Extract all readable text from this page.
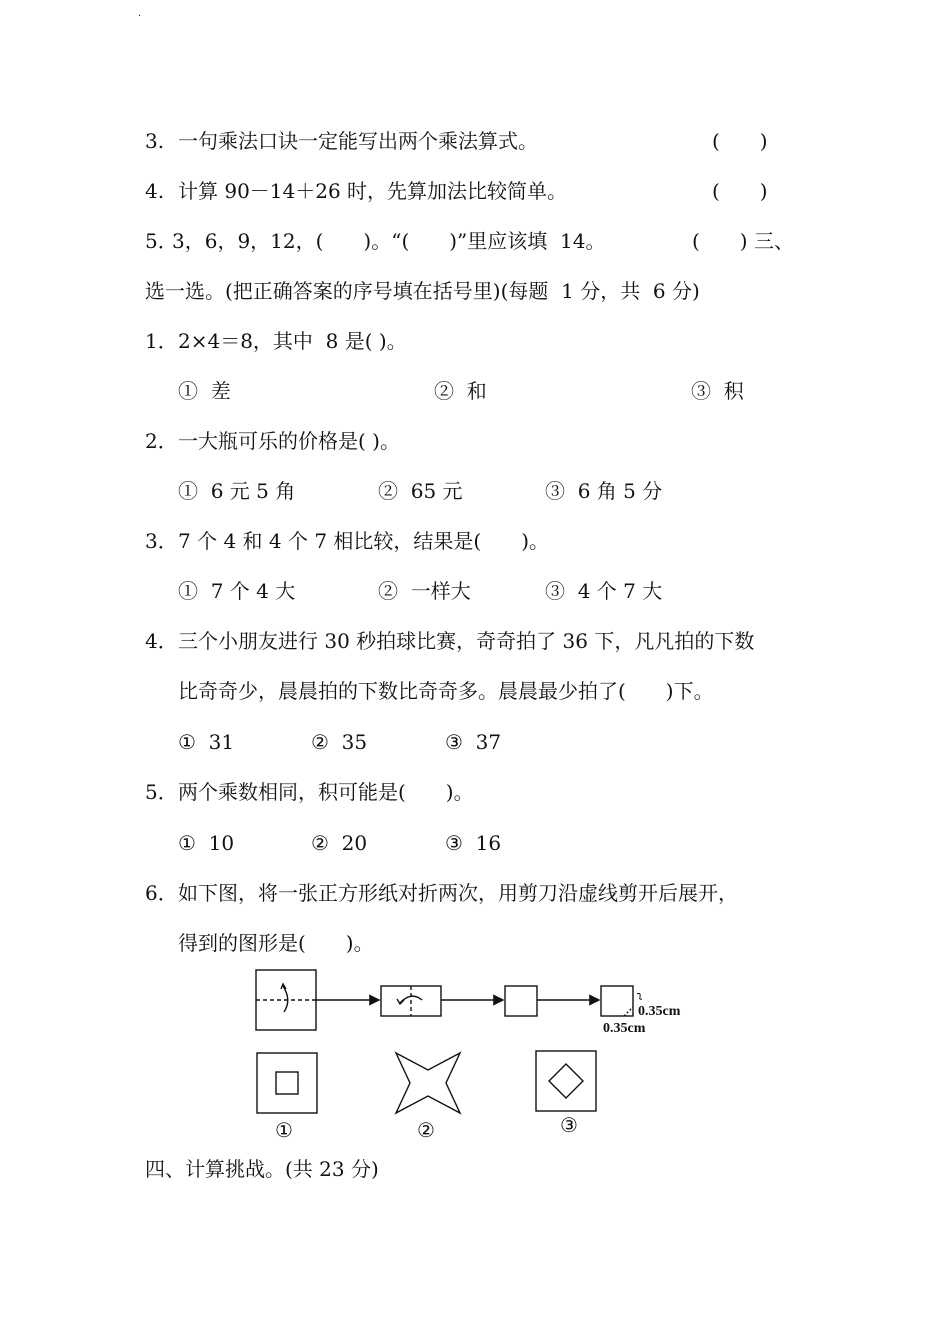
.
3. 一句乘法口诀一定能写出两个乘法算式。	(  )
4. 计算 90－14＋26 时，先算加法比较简单。	(  )
5．
3，6，9，12，(  )。“(  )”里应该填  14。	(  ) 三、
选一选。(把正确答案的序号填在括号里)(每题  1 分，共  6 分)
1． 2×4＝8，其中  8 是( )。
①  差	②  和	③  积
2． 一大瓶可乐的价格是( )。
①  6 元 5 角	②  65 元	③  6 角 5 分
3． 7 个 4 和 4 个 7 相比较，结果是(  )。
①  7 个 4 大	②  一样大	③  4 个 7 大
4． 三个小朋友进行 30 秒拍球比赛，奇奇拍了 36 下，凡凡拍的下数
比奇奇少，晨晨拍的下数比奇奇多。晨晨最少拍了(  )下。
①  31	②  35	③  37
5． 两个乘数相同，积可能是(  )。
①  10	②  20	③  16
6． 如下图，将一张正方形纸对折两次，用剪刀沿虚线剪开后展开，
得到的图形是(  )。
0.35cm
0.35cm
①	②	③
四、计算挑战。(共 23 分)
